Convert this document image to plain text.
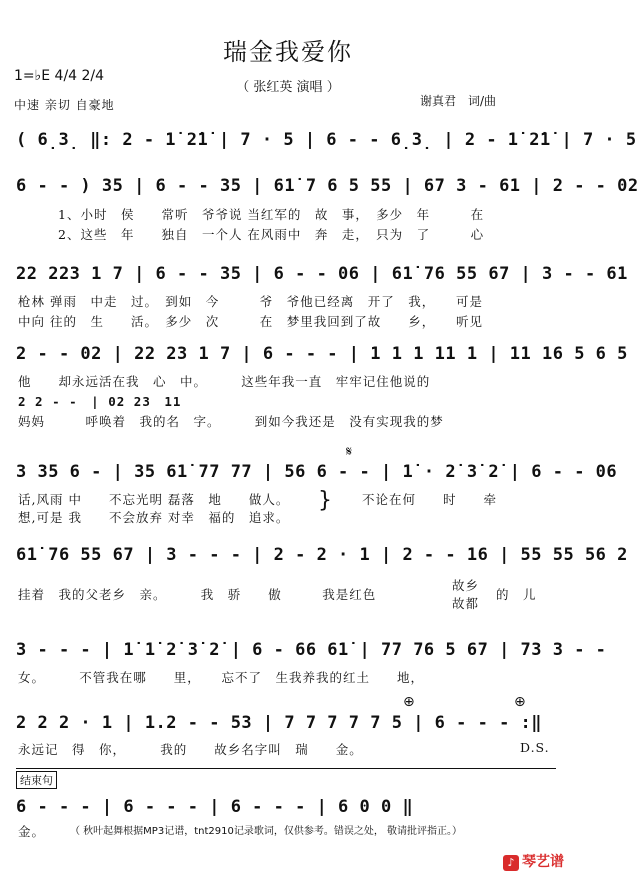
瑞金我爱你
（ 张红英 演唱 ）
1=♭E 4/4 2/4
中速 亲切 自豪地	谢真君　词/曲
( 6̣3̣ ‖: 2 - 1̇ 2̇1̇ | 7 · 5 | 6 - - 6̣3̣ | 2 - 1̇ 2̇1̇ | 7 · 5
6 - - ) 35 | 6 - - 35 | 61̇ 7 6 5 55 | 67 3 - 61 | 2 - - 02
1、小时　侯　　常听　爷爷说 当红军的　故　事，　多少　年　　　在
2、这些　年　　独自　一个人 在风雨中　奔　走，　只为　了　　　心
22 223 1 7 | 6 - - 35 | 6 - - 06 | 61̇ 76 55 67 | 3 - - 61
枪林 弹雨　中走　过。　到如　今　　　爷　爷他已经离　开了　我，　　可是
中向 往的　生　　活。　多少　次　　　在　梦里我回到了故　　乡，　　听见
2 - - 02 | 22 23 1 7 | 6 - - - | 1 1 1 11 1 | 11 16 5 6 5
他　　却永远活在我　心　中。　　　这些年我一直　牢牢记住他说的
2 2 - -　| 02 23　11
妈妈　　　呼唤着　我的名　字。　　　到如今我还是　没有实现我的梦
𝄋
3 35 6 - | 35 61̇ 77 77 | 56 6 - - | 1̇ · 2̇ 3̇ 2̇ | 6 - - 06
话,风雨 中　　不忘光明 磊落　地　　做人。
想,可是 我　　不会放弃 对幸　福的　追求。
} 不论在何　　时　　牵
61̇ 76 55 67 | 3 - - - | 2 - 2 · 1 | 2 - - 16 | 55 55 56 2
挂着　我的父老乡　亲。　　　我　骄　　傲　　　我是红色
故乡
故都
的　儿
3 - - - | 1̇ 1̇ 2̇ 3̇ 2̇ | 6 - 66 61̇ | 77 76 5 67 | 73 3 - -
女。　　　不管我在哪　　里，　　忘不了　生我养我的红土　　地，
⊕	⊕
2 2 2 · 1 | 1.2 - - 53 | 7 7 7 7 7 5 | 6 - - - :‖
永远记　得　你，　　　我的　　故乡名字叫　瑞　　金。	D.S.
结束句
6 - - - | 6 - - - | 6 - - - | 6 0 0 ‖
金。 （ 秋叶起舞根据MP3记谱，tnt2910记录歌词，仅供参考。错误之处， 敬请批评指正。）
♪ 琴艺谱
